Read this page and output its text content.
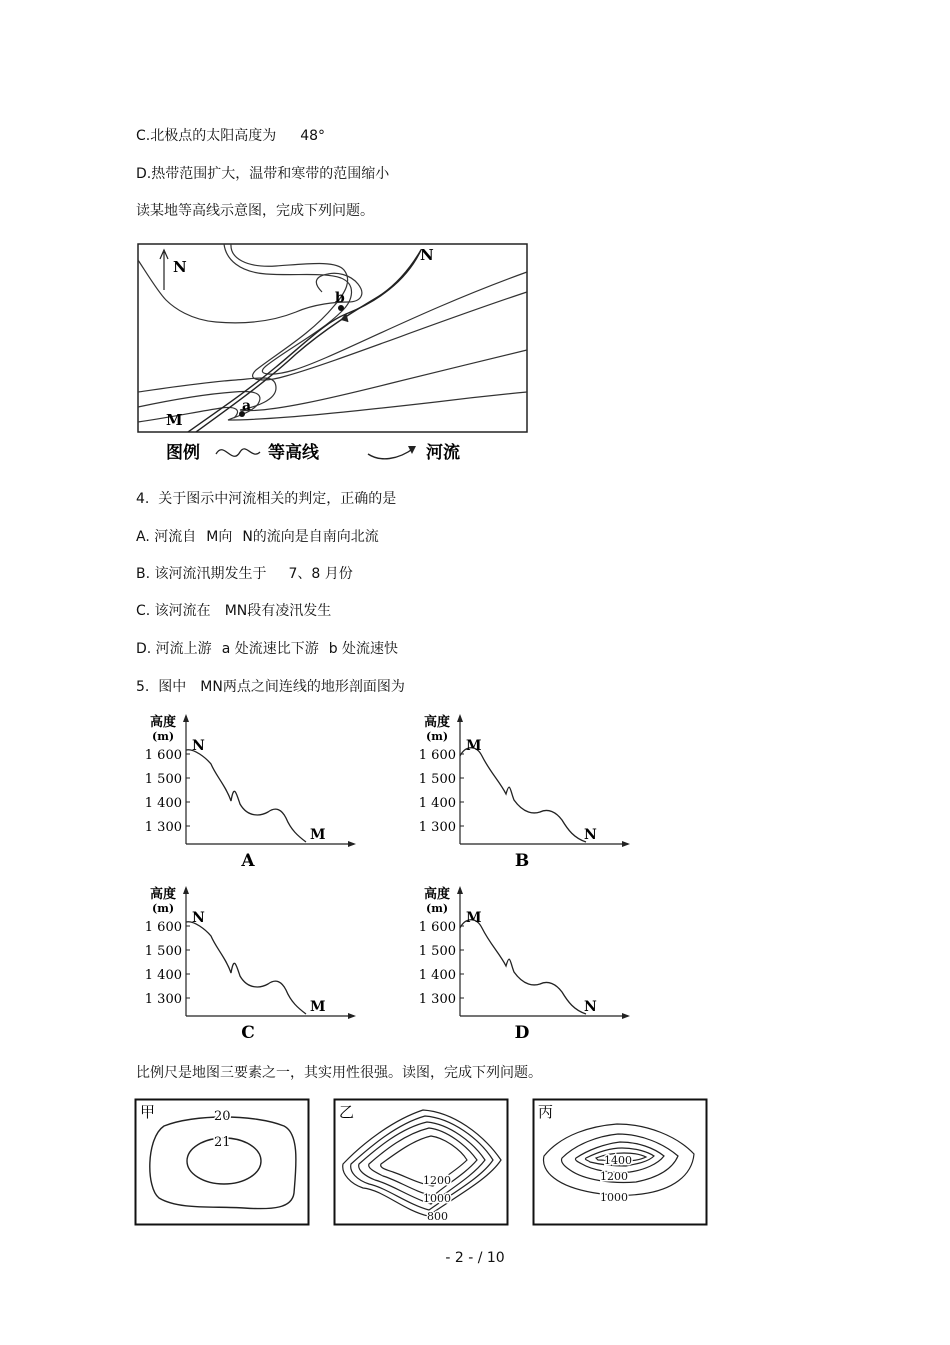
C.北极点的太阳高度为 48°
D.热带范围扩大，温带和寒带的范围缩小
读某地等高线示意图，完成下列问题。
N
b
a
N
M
图例	等高线	河流
4.  关于图示中河流相关的判定，正确的是
A. 河流自 M向 N的流向是自南向北流
B. 该河流汛期发生于 7、8 月份
C. 该河流在 MN段有凌汛发生
D. 河流上游 a 处流速比下游 b 处流速快
5.  图中 MN两点之间连线的地形剖面图为
高度
(m)
1 600
1 500
1 400
1 300
N
M
A
高度
(m)
1 600
1 500
1 400
1 300
M
N
B
高度
(m)
1 600
1 500
1 400
1 300
N
M
C
高度
(m)
1 600
1 500
1 400
1 300
M
N
D
比例尺是地图三要素之一，其实用性很强。读图，完成下列问题。
甲	20
21
乙
1200
1000
800
丙
1400
1200
1000
- 2 - / 10
